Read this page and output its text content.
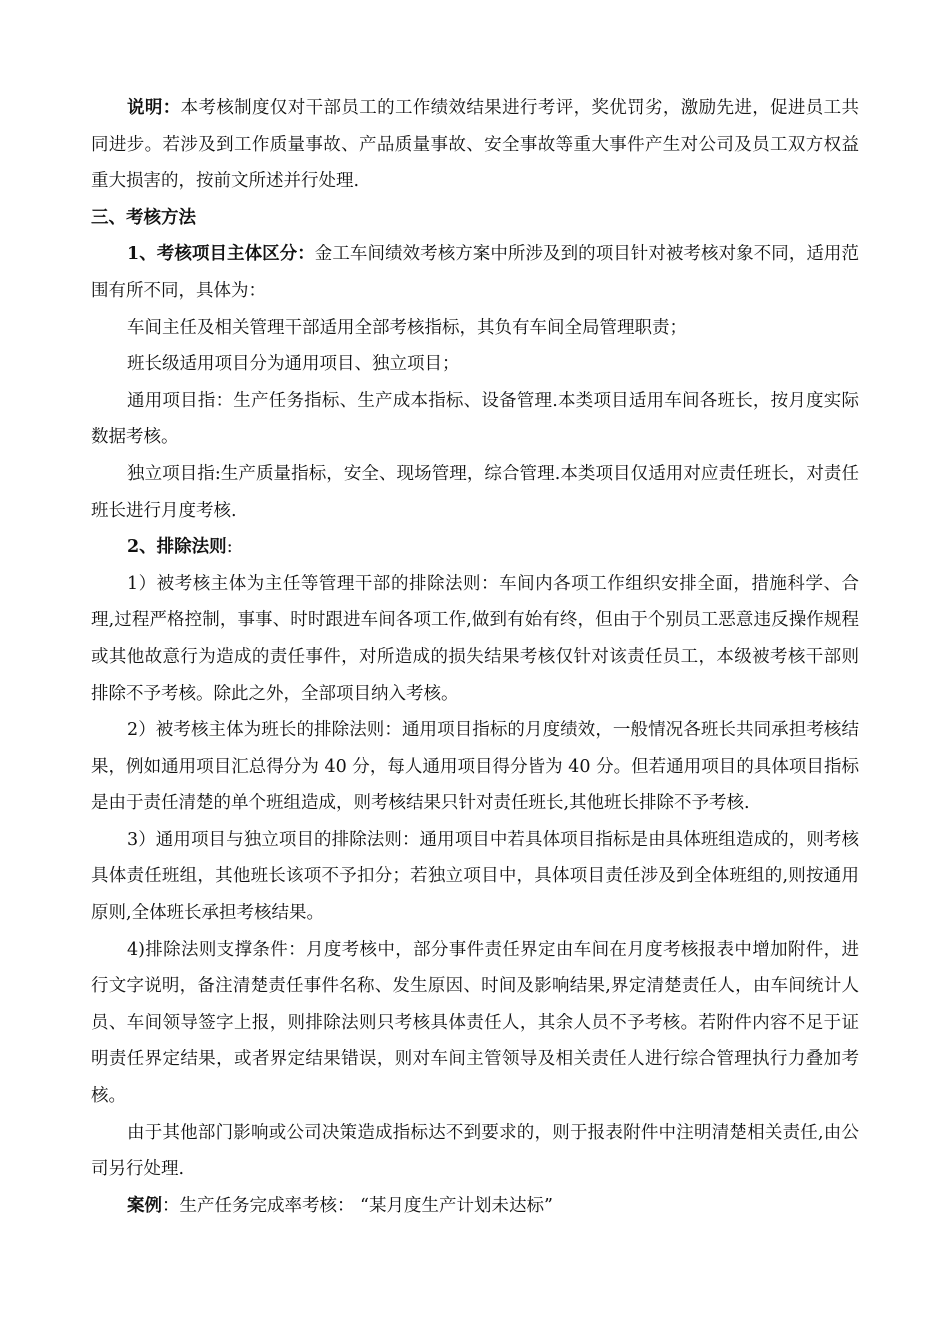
说明：本考核制度仅对干部员工的工作绩效结果进行考评，奖优罚劣，激励先进，促进员工共同进步。若涉及到工作质量事故、产品质量事故、安全事故等重大事件产生对公司及员工双方权益重大损害的，按前文所述并行处理.

三、考核方法

1、考核项目主体区分：金工车间绩效考核方案中所涉及到的项目针对被考核对象不同，适用范围有所不同，具体为：

车间主任及相关管理干部适用全部考核指标，其负有车间全局管理职责；

班长级适用项目分为通用项目、独立项目；

通用项目指：生产任务指标、生产成本指标、设备管理.本类项目适用车间各班长，按月度实际数据考核。

独立项目指:生产质量指标，安全、现场管理，综合管理.本类项目仅适用对应责任班长，对责任班长进行月度考核.

2、排除法则:

1）被考核主体为主任等管理干部的排除法则：车间内各项工作组织安排全面，措施科学、合理,过程严格控制，事事、时时跟进车间各项工作,做到有始有终，但由于个别员工恶意违反操作规程或其他故意行为造成的责任事件，对所造成的损失结果考核仅针对该责任员工，本级被考核干部则排除不予考核。除此之外，全部项目纳入考核。

2）被考核主体为班长的排除法则：通用项目指标的月度绩效，一般情况各班长共同承担考核结果，例如通用项目汇总得分为 40 分，每人通用项目得分皆为 40 分。但若通用项目的具体项目指标是由于责任清楚的单个班组造成，则考核结果只针对责任班长,其他班长排除不予考核.

3）通用项目与独立项目的排除法则：通用项目中若具体项目指标是由具体班组造成的，则考核具体责任班组，其他班长该项不予扣分；若独立项目中，具体项目责任涉及到全体班组的,则按通用原则,全体班长承担考核结果。

4)排除法则支撑条件：月度考核中，部分事件责任界定由车间在月度考核报表中增加附件，进行文字说明，备注清楚责任事件名称、发生原因、时间及影响结果,界定清楚责任人，由车间统计人员、车间领导签字上报，则排除法则只考核具体责任人，其余人员不予考核。若附件内容不足于证明责任界定结果，或者界定结果错误，则对车间主管领导及相关责任人进行综合管理执行力叠加考核。

由于其他部门影响或公司决策造成指标达不到要求的，则于报表附件中注明清楚相关责任,由公司另行处理.

案例：生产任务完成率考核： “某月度生产计划未达标”
